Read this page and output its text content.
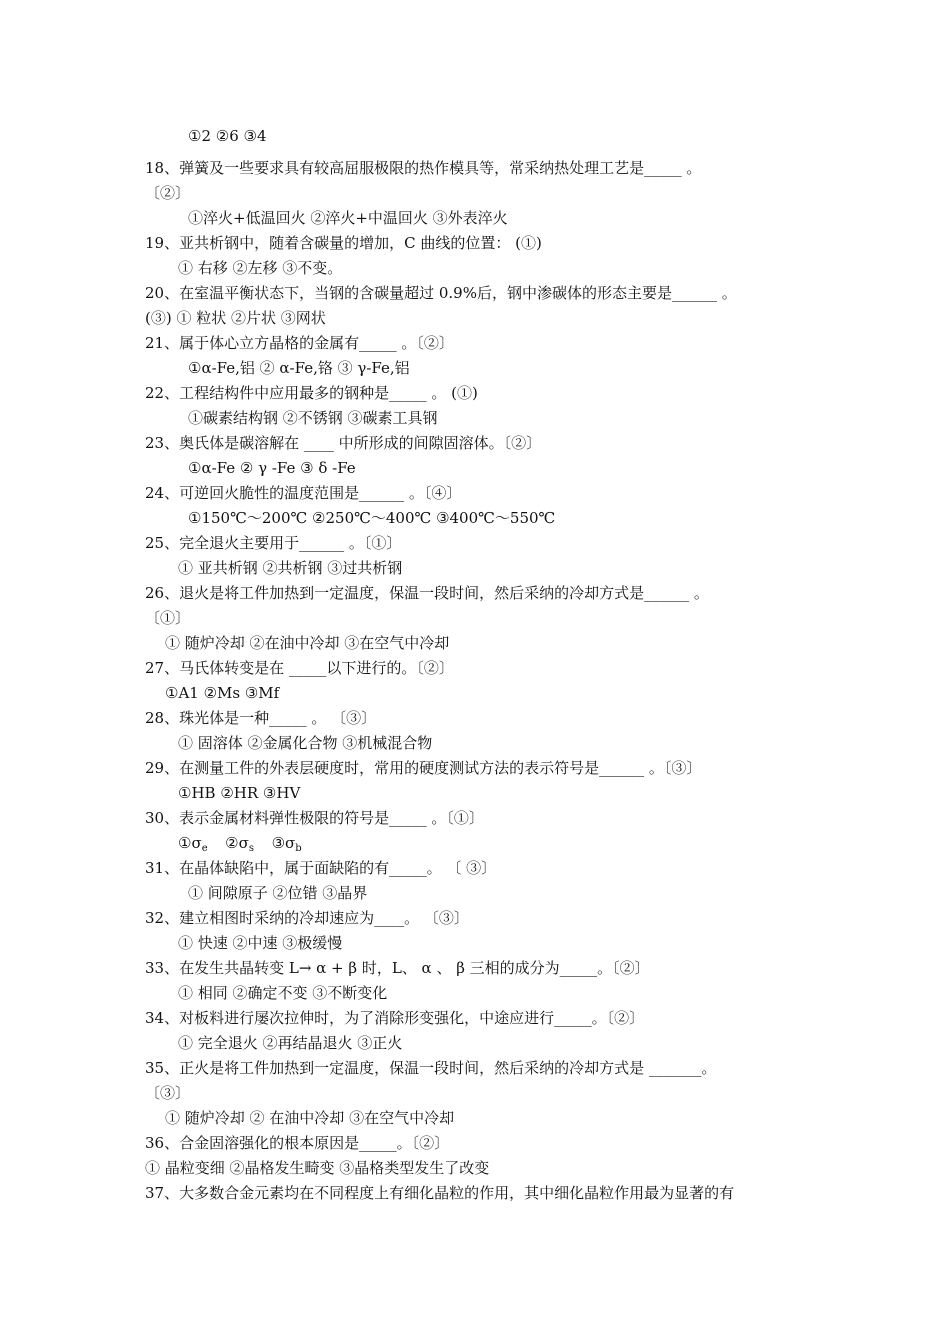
①2 ②6 ③4
18、弹簧及一些要求具有较高屈服极限的热作模具等，常采纳热处理工艺是_____ 。
〔②〕
①淬火+低温回火 ②淬火+中温回火 ③外表淬火
19、亚共析钢中，随着含碳量的增加，C 曲线的位置： (①)
① 右移 ②左移 ③不变。
20、在室温平衡状态下，当钢的含碳量超过 0.9%后，钢中渗碳体的形态主要是______ 。
(③) ① 粒状 ②片状 ③网状
21、属于体心立方晶格的金属有_____ 。〔②〕
①α-Fe,铝 ② α-Fe,铬 ③ γ-Fe,铝
22、工程结构件中应用最多的钢种是_____ 。 (①)
①碳素结构钢 ②不锈钢 ③碳素工具钢
23、奥氏体是碳溶解在 ____ 中所形成的间隙固溶体。〔②〕
①α-Fe ② γ -Fe ③ δ -Fe
24、可逆回火脆性的温度范围是______ 。〔④〕
①150℃～200℃ ②250℃～400℃ ③400℃～550℃
25、完全退火主要用于______ 。〔①〕
① 亚共析钢 ②共析钢 ③过共析钢
26、退火是将工件加热到一定温度，保温一段时间，然后采纳的冷却方式是______ 。
〔①〕
① 随炉冷却 ②在油中冷却 ③在空气中冷却
27、马氏体转变是在 _____以下进行的。〔②〕
①A1 ②Ms ③Mf
28、珠光体是一种_____ 。 〔③〕
① 固溶体 ②金属化合物 ③机械混合物
29、在测量工件的外表层硬度时，常用的硬度测试方法的表示符号是______ 。〔③〕
①HB ②HR ③HV
30、表示金属材料弹性极限的符号是_____ 。〔①〕
$①\sigma_e$ $②\sigma_s$ $③\sigma_b$
31、在晶体缺陷中，属于面缺陷的有_____。 〔 ③〕
① 间隙原子 ②位错 ③晶界
32、建立相图时采纳的冷却速应为____。 〔③〕
① 快速 ②中速 ③极缓慢
33、在发生共晶转变 L→ α + β 时，L、 α 、 β 三相的成分为_____。〔②〕
① 相同 ②确定不变 ③不断变化
34、对板料进行屡次拉伸时，为了消除形变强化，中途应进行_____。〔②〕
① 完全退火 ②再结晶退火 ③正火
35、正火是将工件加热到一定温度，保温一段时间，然后采纳的冷却方式是 _______。
〔③〕
① 随炉冷却 ② 在油中冷却 ③在空气中冷却
36、合金固溶强化的根本原因是_____。〔②〕
① 晶粒变细 ②晶格发生畸变 ③晶格类型发生了改变
37、大多数合金元素均在不同程度上有细化晶粒的作用，其中细化晶粒作用最为显著的有
